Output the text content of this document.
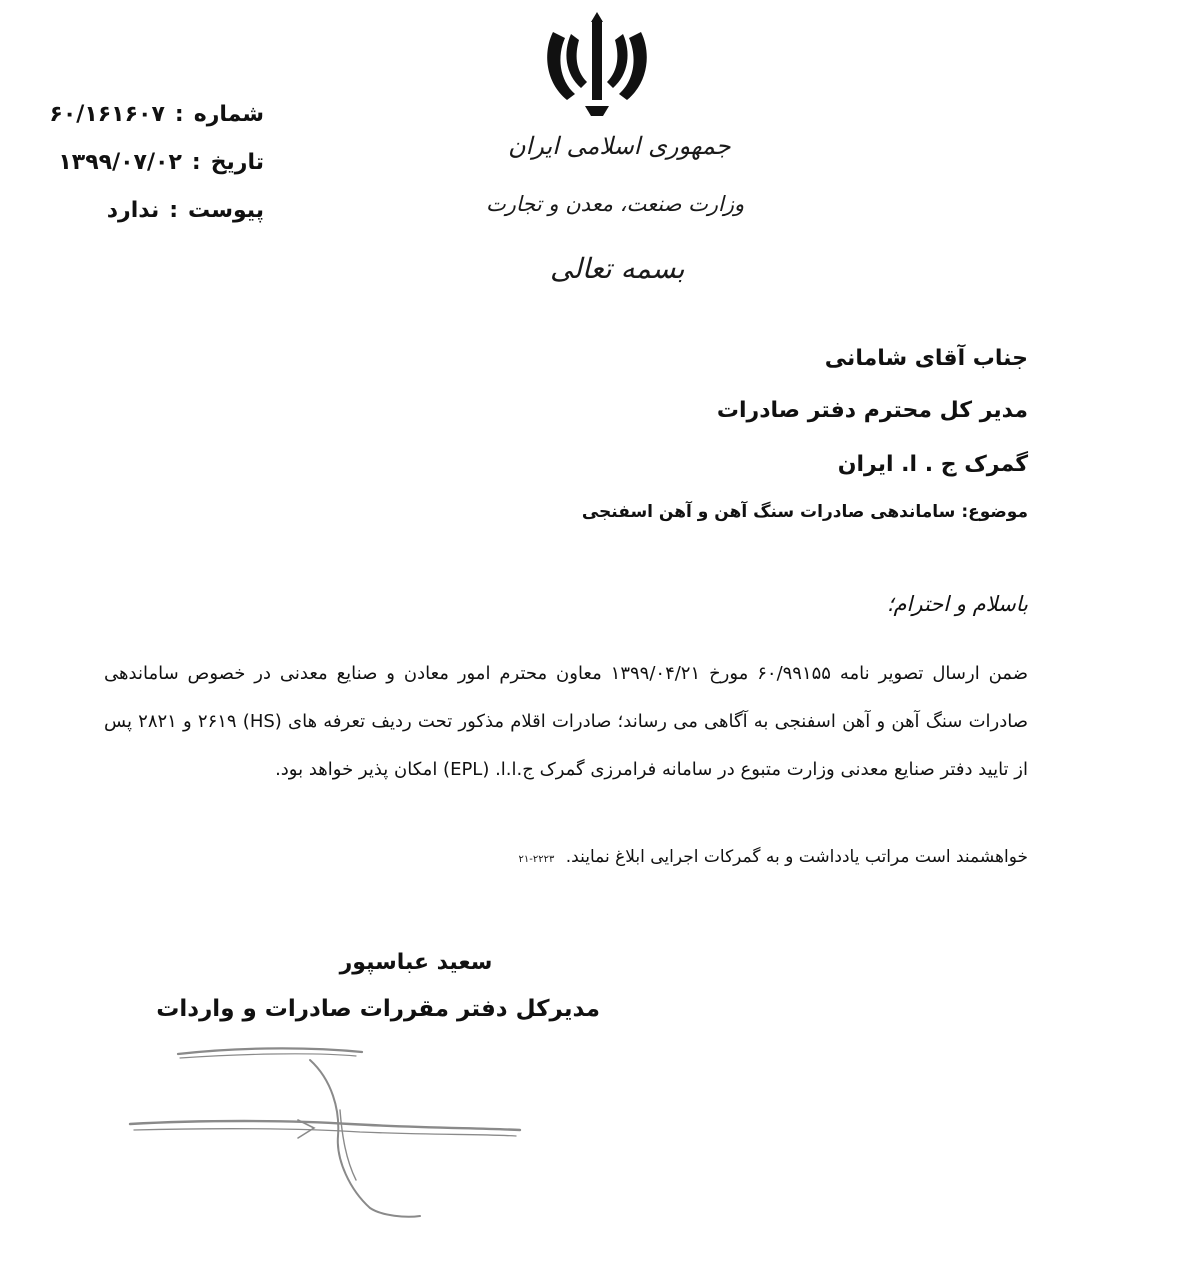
شماره
:
۶۰/۱۶۱۶۰۷
تاریخ
:
۱۳۹۹/۰۷/۰۲
پیوست
:
ندارد
جمهوری اسلامی ایران
وزارت صنعت، معدن و تجارت
بسمه تعالی
جناب آقای شامانی
مدیر کل محترم دفتر صادرات
گمرک ج . ا. ایران
موضوع: ساماندهی صادرات سنگ آهن و آهن اسفنجی
باسلام و احترام؛

ضمن ارسال تصویر نامه ۶۰/۹۹۱۵۵ مورخ ۱۳۹۹/۰۴/۲۱ معاون محترم امور معادن و صنایع معدنی در خصوص ساماندهی صادرات سنگ آهن و آهن اسفنجی به آگاهی می رساند؛ صادرات اقلام مذکور تحت ردیف تعرفه های (HS) ۲۶۱۹ و ۲۸۲۱ پس از تایید دفتر صنایع معدنی وزارت متبوع در سامانه فرامرزی گمرک ج.ا.ا. (EPL) امکان پذیر خواهد بود.

خواهشمند است مراتب یادداشت و به گمرکات اجرایی ابلاغ نمایند. ۲۲۲۳-۲۱
سعید عباسپور
مدیرکل دفتر مقررات صادرات و واردات
